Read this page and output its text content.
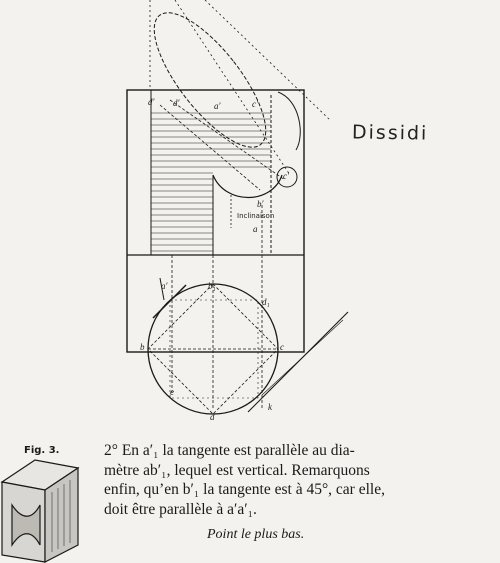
d′ d′	a′	c′
b′
c′
Inclinaison
a
a′
b
b₁
d₁
c
e
d
k
Dissidi
Fig. 3.	2° En a′₁ la tangente est parallèle au dia-
mètre ab′₁, lequel est vertical. Remarquons
enfin, qu’en b′₁ la tangente est à 45°, car elle,
doit être parallèle à a′a′₁.
Point le plus bas.
